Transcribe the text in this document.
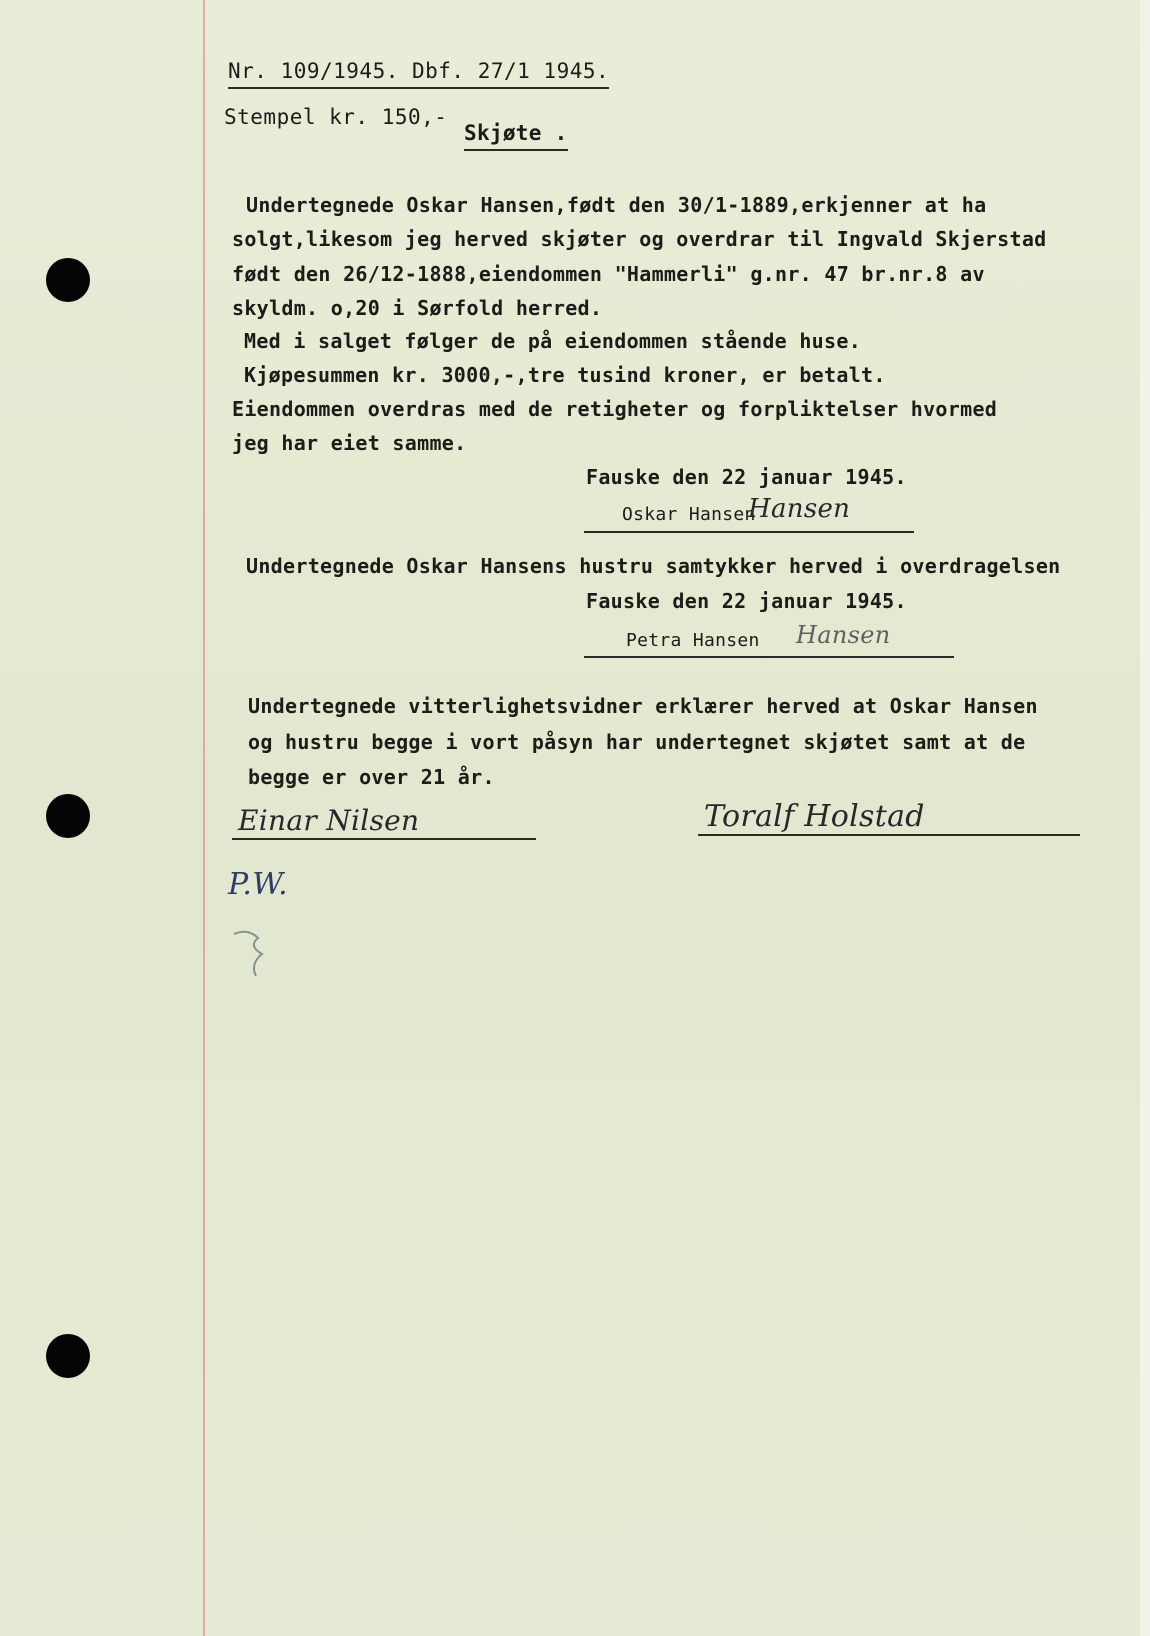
Nr. 109/1945. Dbf. 27/1 1945.
Stempel kr. 150,-
Skjøte .
Undertegnede Oskar Hansen,født den 30/1-1889,erkjenner at ha
solgt,likesom jeg herved skjøter og overdrar til Ingvald Skjerstad
født den 26/12-1888,eiendommen "Hammerli" g.nr. 47 br.nr.8 av
skyldm. o,20 i Sørfold herred.
Med i salget følger de på eiendommen stående huse.
Kjøpesummen kr. 3000,-,tre tusind kroner, er betalt.
Eiendommen overdras med de retigheter og forpliktelser hvormed
jeg har eiet samme.
Fauske den 22 januar 1945.
Oskar Hansen
Hansen
Undertegnede Oskar Hansens hustru samtykker herved i overdragelsen
Fauske den 22 januar 1945.
Petra Hansen Hansen
Undertegnede vitterlighetsvidner erklærer herved at Oskar Hansen
og hustru begge i vort påsyn har undertegnet skjøtet samt at de
begge er over 21 år.
Einar Nilsen	Toralf Holstad
P.W.
